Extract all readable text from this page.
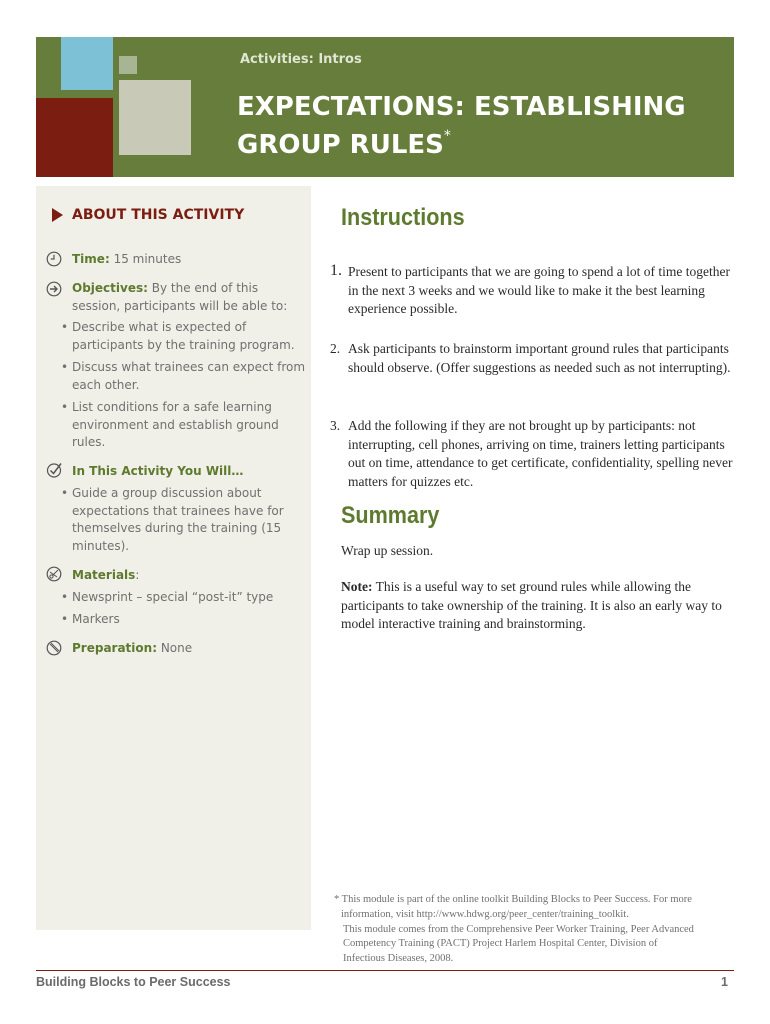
Activities: Intros
EXPECTATIONS: ESTABLISHING
GROUP RULES*
ABOUT THIS ACTIVITY
Time: 15 minutes
Objectives: By the end of this session, participants will be able to:
• Describe what is expected of participants by the training program.
• Discuss what trainees can expect from each other.
• List conditions for a safe learning environment and establish ground rules.
In This Activity You Will…
• Guide a group discussion about expectations that trainees have for themselves during the training (15 minutes).
Materials:
• Newsprint – special “post-it” type
• Markers
Preparation: None
Instructions
1. Present to participants that we are going to spend a lot of time together in the next 3 weeks and we would like to make it the best learning experience possible.
2. Ask participants to brainstorm important ground rules that participants should observe. (Offer suggestions as needed such as not interrupting).
3. Add the following if they are not brought up by participants: not interrupting, cell phones, arriving on time, trainers letting participants out on time, attendance to get certificate, confidentiality, spelling never matters for quizzes etc.
Summary
Wrap up session.
Note: This is a useful way to set ground rules while allowing the participants to take ownership of the training. It is also an early way to model interactive training and brainstorming.
* This module is part of the online toolkit Building Blocks to Peer Success. For more
information, visit http://www.hdwg.org/peer_center/training_toolkit.
This module comes from the Comprehensive Peer Worker Training, Peer Advanced
Competency Training (PACT) Project Harlem Hospital Center, Division of
Infectious Diseases, 2008.
Building Blocks to Peer Success	1
